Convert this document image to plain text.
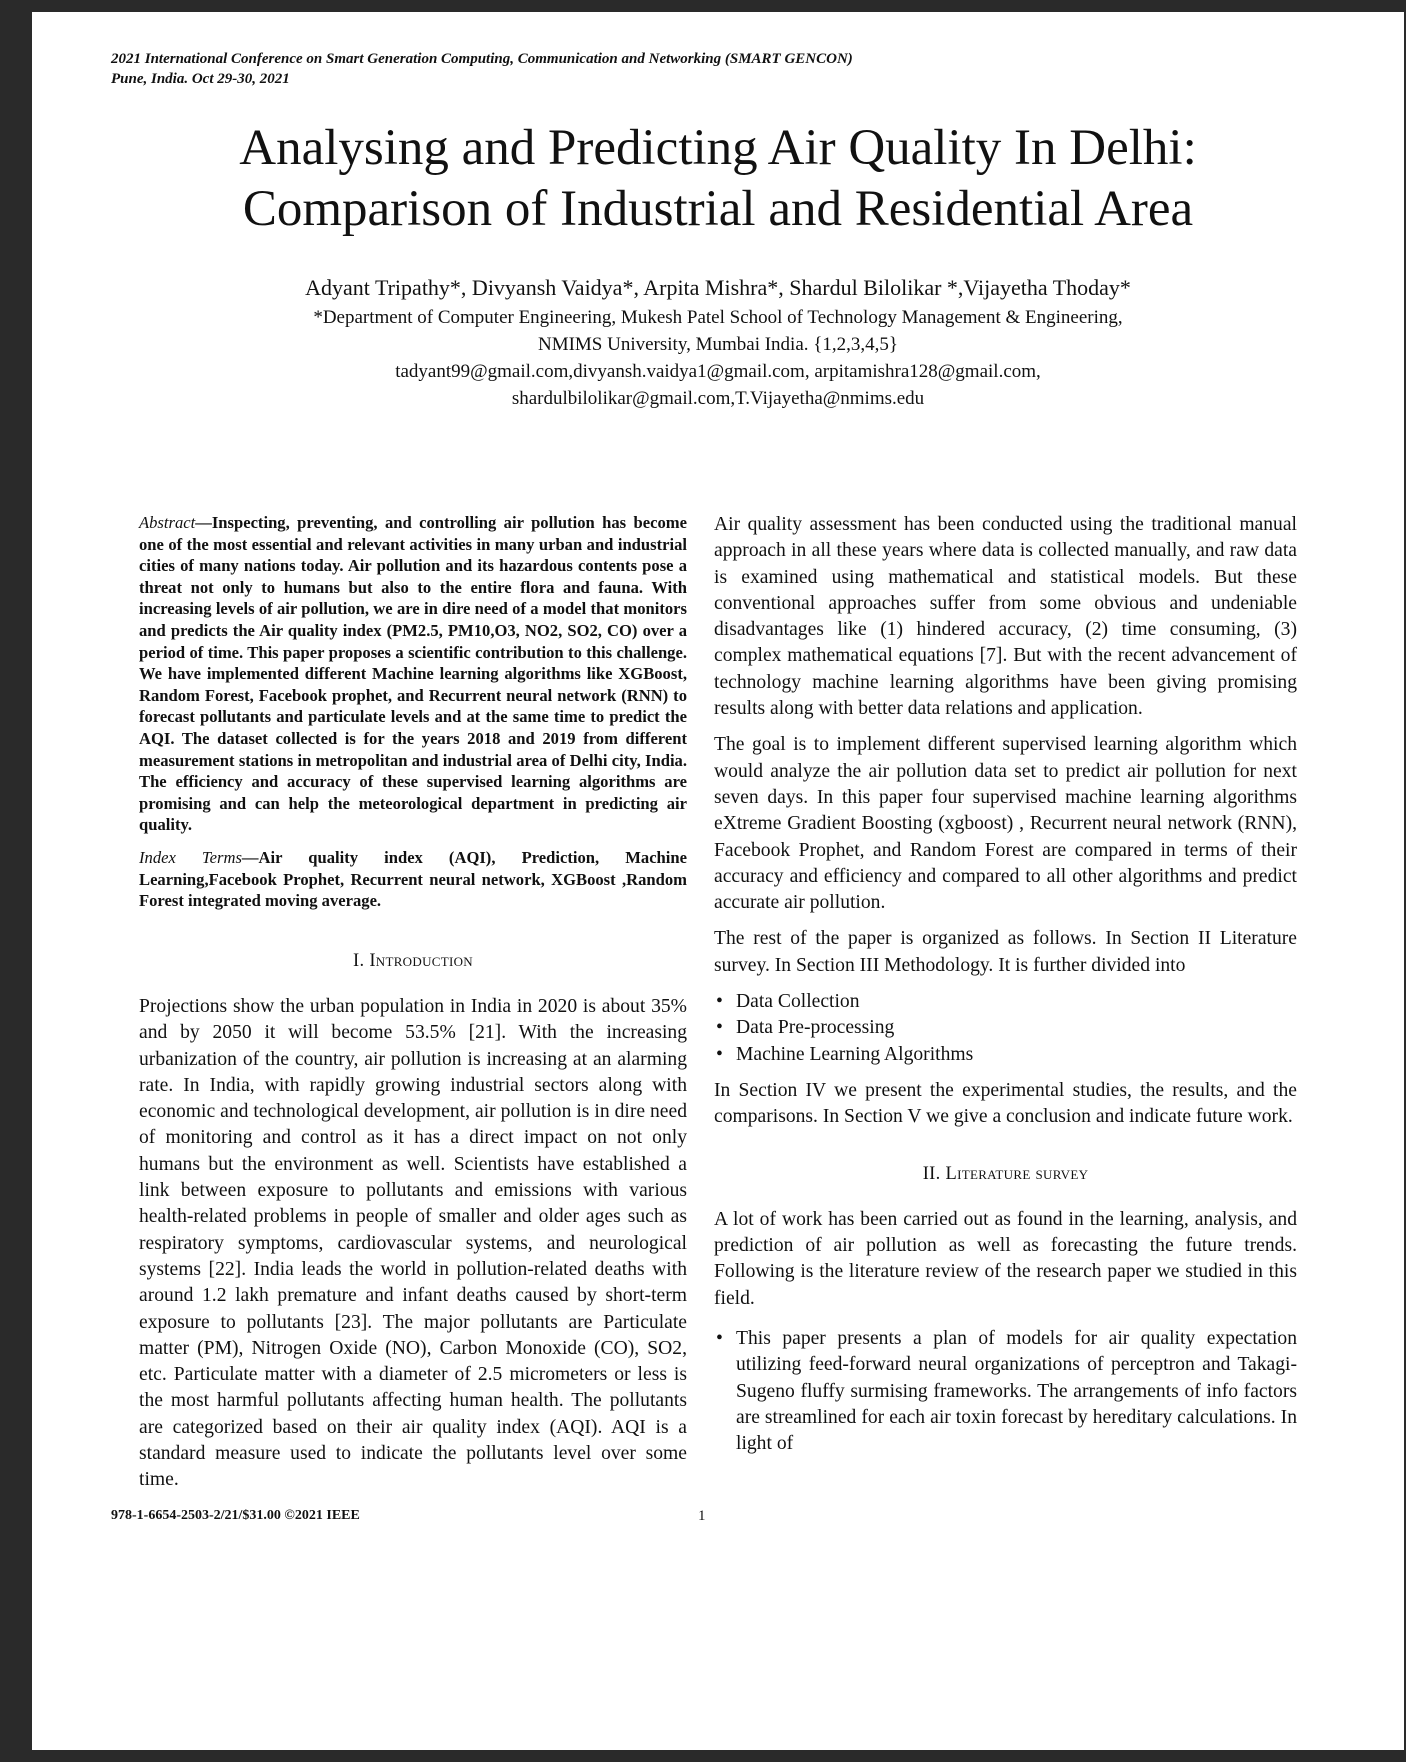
2021 International Conference on Smart Generation Computing, Communication and Networking (SMART GENCON)
Pune, India. Oct 29-30, 2021
Analysing and Predicting Air Quality In Delhi:
Comparison of Industrial and Residential Area
Adyant Tripathy*, Divyansh Vaidya*, Arpita Mishra*, Shardul Bilolikar *,Vijayetha Thoday*
*Department of Computer Engineering, Mukesh Patel School of Technology Management & Engineering,
NMIMS University, Mumbai India. {1,2,3,4,5}
tadyant99@gmail.com,divyansh.vaidya1@gmail.com, arpitamishra128@gmail.com,
shardulbilolikar@gmail.com,T.Vijayetha@nmims.edu

Abstract—Inspecting, preventing, and controlling air pollution has become one of the most essential and relevant activities in many urban and industrial cities of many nations today. Air pollution and its hazardous contents pose a threat not only to humans but also to the entire flora and fauna. With increasing levels of air pollution, we are in dire need of a model that monitors and predicts the Air quality index (PM2.5, PM10,O3, NO2, SO2, CO) over a period of time. This paper proposes a scientific contribution to this challenge. We have implemented different Machine learning algorithms like XGBoost, Random Forest, Facebook prophet, and Recurrent neural network (RNN) to forecast pollutants and particulate levels and at the same time to predict the AQI. The dataset collected is for the years 2018 and 2019 from different measurement stations in metropolitan and industrial area of Delhi city, India. The efficiency and accuracy of these supervised learning algorithms are promising and can help the meteorological department in predicting air quality.

Index Terms—Air quality index (AQI), Prediction, Machine Learning,Facebook Prophet, Recurrent neural network, XGBoost ,Random Forest integrated moving average.

I. Introduction

Projections show the urban population in India in 2020 is about 35% and by 2050 it will become 53.5% [21]. With the increasing urbanization of the country, air pollution is increasing at an alarming rate. In India, with rapidly growing industrial sectors along with economic and technological development, air pollution is in dire need of monitoring and control as it has a direct impact on not only humans but the environment as well. Scientists have established a link between exposure to pollutants and emissions with various health-related problems in people of smaller and older ages such as respiratory symptoms, cardiovascular systems, and neurological systems [22]. India leads the world in pollution-related deaths with around 1.2 lakh premature and infant deaths caused by short-term exposure to pollutants [23]. The major pollutants are Particulate matter (PM), Nitrogen Oxide (NO), Carbon Monoxide (CO), SO2, etc. Particulate matter with a diameter of 2.5 micrometers or less is the most harmful pollutants affecting human health. The pollutants are categorized based on their air quality index (AQI). AQI is a standard measure used to indicate the pollutants level over some time.

Air quality assessment has been conducted using the traditional manual approach in all these years where data is collected manually, and raw data is examined using mathematical and statistical models. But these conventional approaches suffer from some obvious and undeniable disadvantages like (1) hindered accuracy, (2) time consuming, (3) complex mathematical equations [7]. But with the recent advancement of technology machine learning algorithms have been giving promising results along with better data relations and application.

The goal is to implement different supervised learning algorithm which would analyze the air pollution data set to predict air pollution for next seven days. In this paper four supervised machine learning algorithms eXtreme Gradient Boosting (xgboost) , Recurrent neural network (RNN), Facebook Prophet, and Random Forest are compared in terms of their accuracy and efficiency and compared to all other algorithms and predict accurate air pollution.

The rest of the paper is organized as follows. In Section II Literature survey. In Section III Methodology. It is further divided into

• Data Collection
• Data Pre-processing
• Machine Learning Algorithms

In Section IV we present the experimental studies, the results, and the comparisons. In Section V we give a conclusion and indicate future work.

II. Literature survey

A lot of work has been carried out as found in the learning, analysis, and prediction of air pollution as well as forecasting the future trends. Following is the literature review of the research paper we studied in this field.

• This paper presents a plan of models for air quality expectation utilizing feed-forward neural organizations of perceptron and Takagi-Sugeno fluffy surmising frameworks. The arrangements of info factors are streamlined for each air toxin forecast by hereditary calculations. In light of
978-1-6654-2503-2/21/$31.00 ©2021 IEEE	1
